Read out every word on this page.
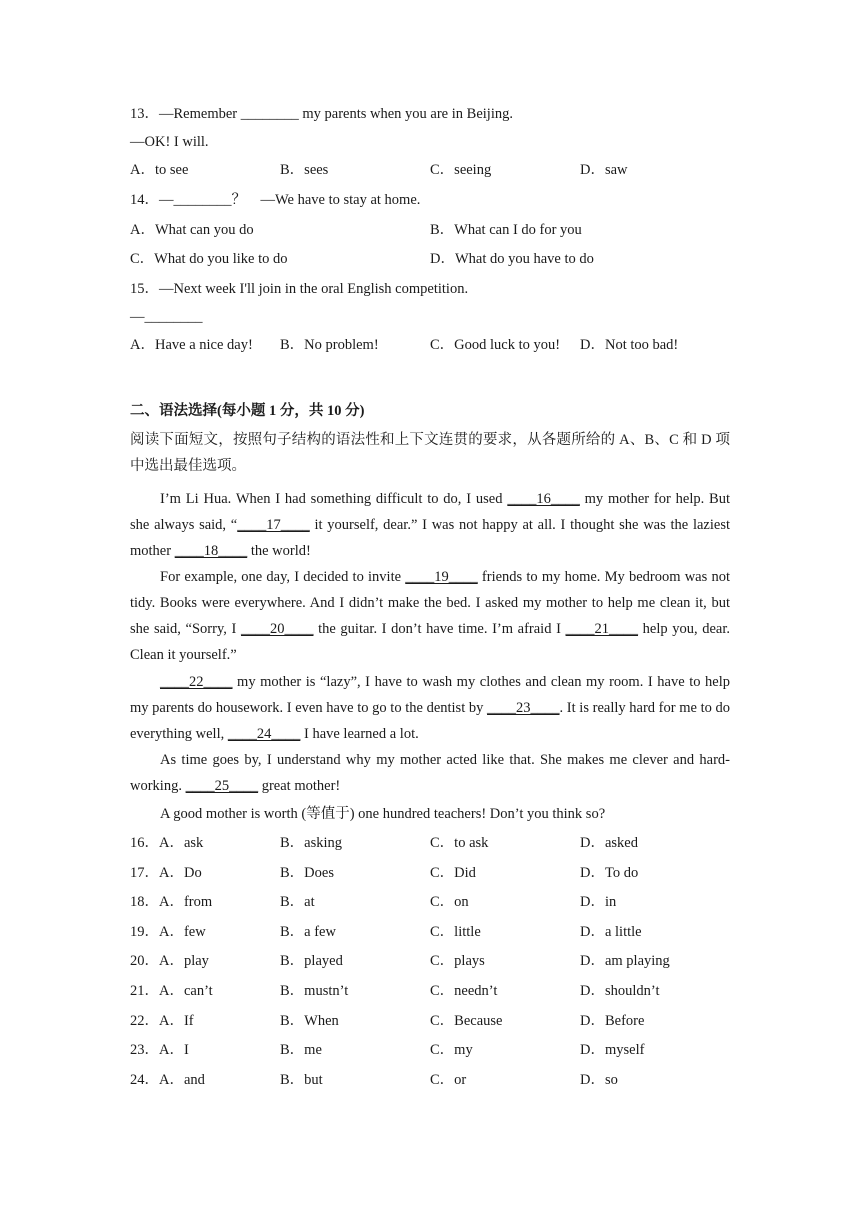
13．—Remember ________ my parents when you are in Beijing.
—OK! I will.
A．to see	B．sees	C．seeing	D．saw
14．—________？　—We have to stay at home.
A．What can you do	B．What can I do for you
C．What do you like to do	D．What do you have to do
15．—Next week I'll join in the oral English competition.
—________
A．Have a nice day! B．No problem!	C．Good luck to you! D．Not too bad!
二、语法选择(每小题 1 分，共 10 分)
阅读下面短文，按照句子结构的语法性和上下文连贯的要求，从各题所给的 A、B、C 和 D 项中选出最佳选项。
I’m Li Hua. When I had something difficult to do, I used ____16____ my mother for help. But she always said, “____17____ it yourself, dear.” I was not happy at all. I thought she was the laziest mother ____18____ the world!
For example, one day, I decided to invite ____19____ friends to my home. My bedroom was not tidy. Books were everywhere. And I didn’t make the bed. I asked my mother to help me clean it, but she said, “Sorry, I ____20____ the guitar. I don’t have time. I’m afraid I ____21____ help you, dear. Clean it yourself.”
____22____ my mother is “lazy”, I have to wash my clothes and clean my room. I have to help my parents do housework. I even have to go to the dentist by ____23____. It is really hard for me to do everything well, ____24____ I have learned a lot.
As time goes by, I understand why my mother acted like that. She makes me clever and hard-working. ____25____ great mother!
A good mother is worth (等值于) one hundred teachers! Don’t you think so?
16．A．ask	B．asking	C．to ask	D．asked
17．A．Do	B．Does	C．Did	D．To do
18．A．from	B．at	C．on	D．in
19．A．few	B．a few	C．little	D．a little
20．A．play	B．played	C．plays	D．am playing
21．A．can’t	B．mustn’t	C．needn’t	D．shouldn’t
22．A．If	B．When	C．Because	D．Before
23．A．I	B．me	C．my	D．myself
24．A．and	B．but	C．or	D．so
